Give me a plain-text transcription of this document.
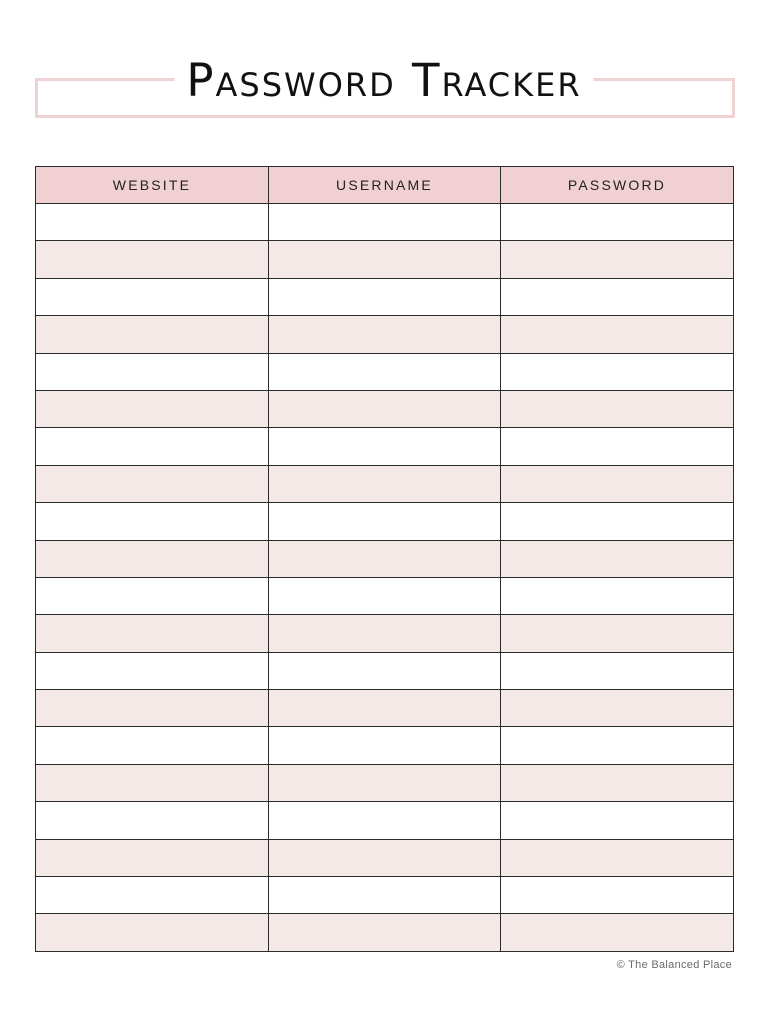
Password Tracker
WEBSITE	USERNAME	PASSWORD

© The Balanced Place
